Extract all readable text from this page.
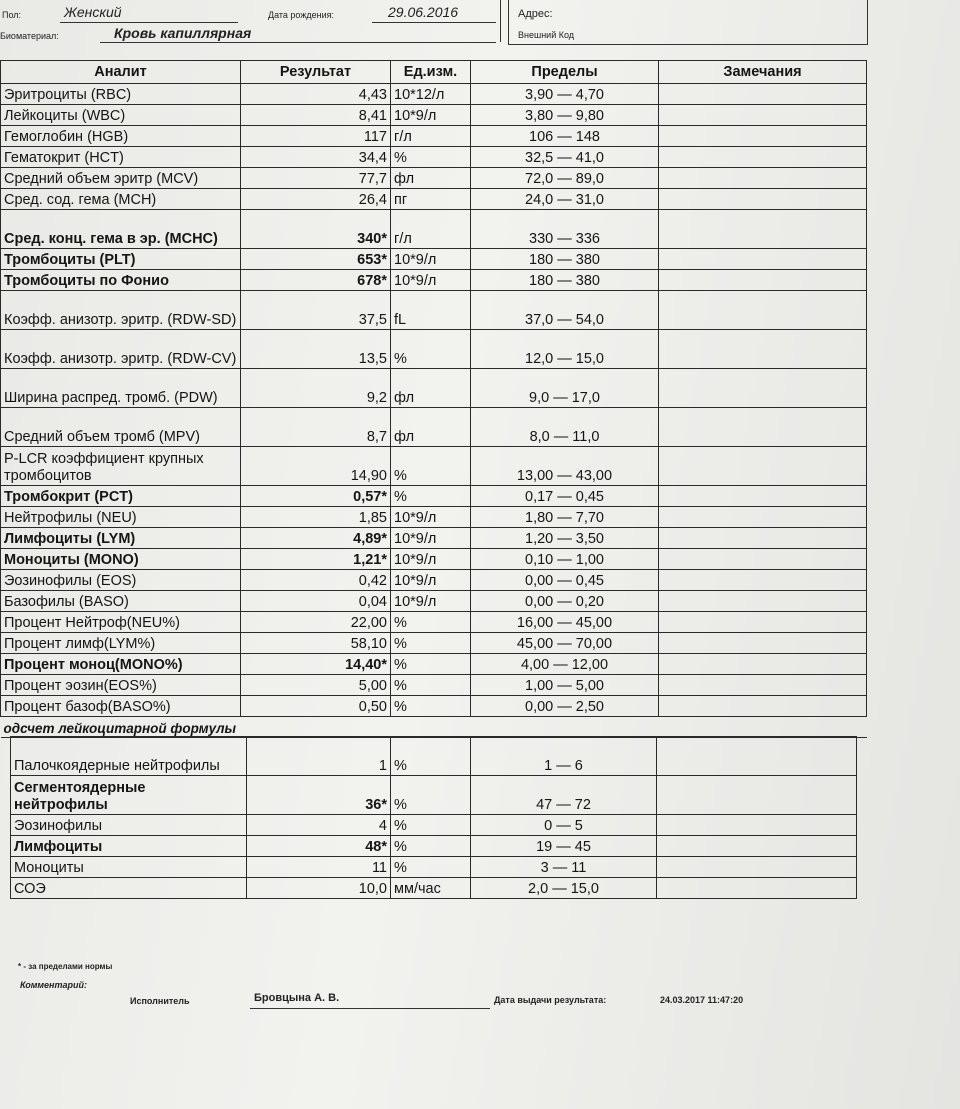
Пол:	Женский	Дата рождения:	29.06.2016	Адрес:
Биоматериал:	Кровь капиллярная	Внешний Код
Аналит	Результат	Ед.изм.	Пределы	Замечания
Эритроциты (RBC)	4,43	10*12/л	3,90 — 4,70	
Лейкоциты (WBC)	8,41	10*9/л	3,80 — 9,80	
Гемоглобин (HGB)	117	г/л	106 — 148	
Гематокрит (HCT)	34,4	%	32,5 — 41,0	
Средний объем эритр (MCV)	77,7	фл	72,0 — 89,0	
Сред. сод. гема (MCH)	26,4	пг	24,0 — 31,0	
Сред. конц. гема в эр. (MCHC)	340*	г/л	330 — 336	
Тромбоциты (PLT)	653*	10*9/л	180 — 380	
Тромбоциты по Фонио	678*	10*9/л	180 — 380	
Коэфф. анизотр. эритр. (RDW-SD)	37,5	fL	37,0 — 54,0	
Коэфф. анизотр. эритр. (RDW-CV)	13,5	%	12,0 — 15,0	
Ширина распред. тромб. (PDW)	9,2	фл	9,0 — 17,0	
Средний объем тромб (MPV)	8,7	фл	8,0 — 11,0	
P-LCR коэффициент крупных тромбоцитов	14,90	%	13,00 — 43,00	
Тромбокрит (PCT)	0,57*	%	0,17 — 0,45	
Нейтрофилы (NEU)	1,85	10*9/л	1,80 — 7,70	
Лимфоциты (LYM)	4,89*	10*9/л	1,20 — 3,50	
Моноциты (MONO)	1,21*	10*9/л	0,10 — 1,00	
Эозинофилы (EOS)	0,42	10*9/л	0,00 — 0,45	
Базофилы (BASO)	0,04	10*9/л	0,00 — 0,20	
Процент Нейтроф(NEU%)	22,00	%	16,00 — 45,00	
Процент лимф(LYM%)	58,10	%	45,00 — 70,00	
Процент моноц(MONO%)	14,40*	%	4,00 — 12,00	
Процент эозин(EOS%)	5,00	%	1,00 — 5,00	
Процент базоф(BASO%)	0,50	%	0,00 — 2,50	
одсчет лейкоцитарной формулы				
Палочкоядерные нейтрофилы	1	%	1 — 6	
Сегментоядерные нейтрофилы	36*	%	47 — 72	
Эозинофилы	4	%	0 — 5	
Лимфоциты	48*	%	19 — 45	
Моноциты	11	%	3 — 11	
СОЭ	10,0	мм/час	2,0 — 15,0	
* - за пределами нормы
Комментарий:
Исполнитель	Бровцына А. В.	Дата выдачи результата:	24.03.2017 11:47:20
